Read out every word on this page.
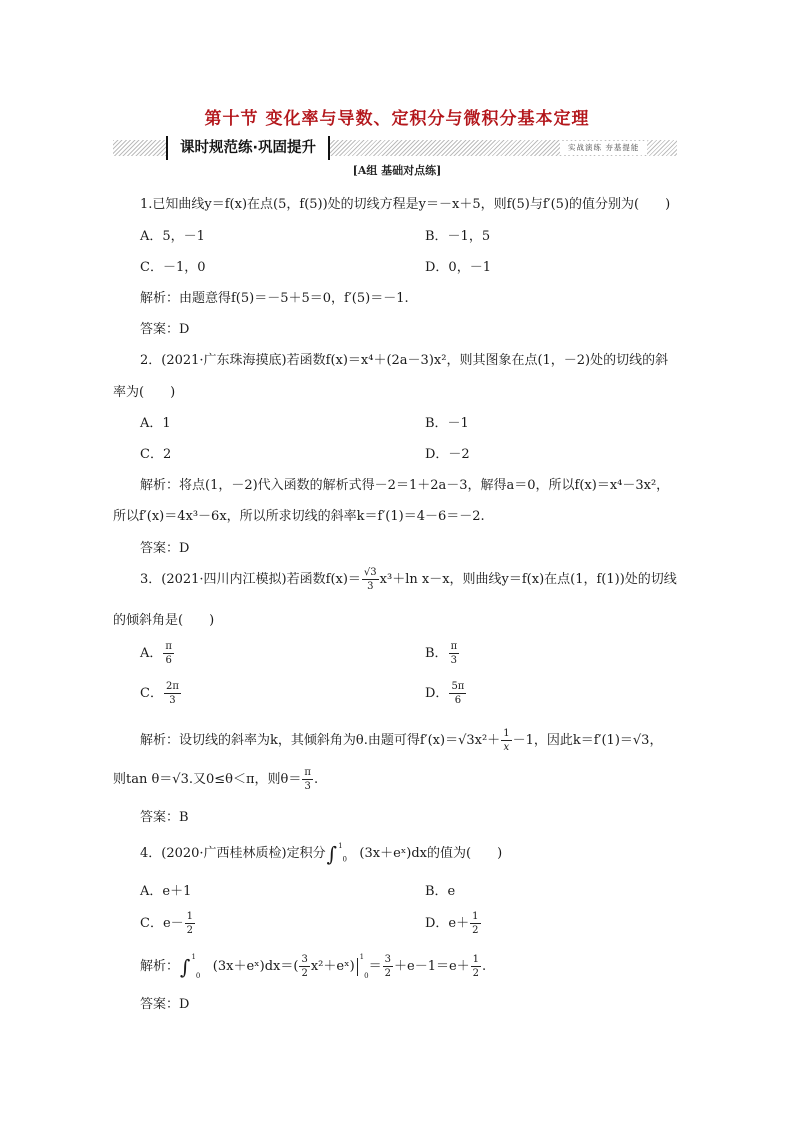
第十节 变化率与导数、定积分与微积分基本定理
课时规范练·巩固提升	实战演练 夯基提能
[A组 基础对点练]
1.已知曲线y＝f(x)在点(5，f(5))处的切线方程是y＝－x＋5，则f(5)与f′(5)的值分别为(　　)
A．5，－1	B．－1，5
C．－1，0	D．0，－1
解析：由题意得f(5)＝－5＋5＝0，f′(5)＝－1.
答案：D
2．(2021·广东珠海摸底)若函数f(x)＝x⁴＋(2a－3)x²，则其图象在点(1，－2)处的切线的斜
率为(　　)
A．1	B．－1
C．2	D．－2
解析：将点(1，－2)代入函数的解析式得－2＝1＋2a－3，解得a＝0，所以f(x)＝x⁴－3x²，
所以f′(x)＝4x³－6x，所以所求切线的斜率k＝f′(1)＝4－6＝－2.
答案：D
3．(2021·四川内江模拟)若函数$f(x)= \frac{√3}{3} x^3+\ln$ x－x，则曲线y＝f(x)在点(1，f(1))处的切线
的倾斜角是(　　)
A． $\frac{\pi}{6}$	B． $\frac{\pi}{3}$
C． $\frac{2\pi}{3}$	D． $\frac{5\pi}{6}$
解析：设切线的斜率为k，其倾斜角为θ.由题可得$f'(x)=√3x^2+ \frac{1}{x} -1$，因此k＝f′(1)＝√3，
则tan θ＝√3.又0≤θ＜π，则$\theta= \frac{\pi}{3}$ .
答案：B
4．(2020·广西桂林质检)定积分∫$^1$0 (3x＋eˣ)dx的值为(　　)
A．e＋1	B．e
C．$e- \frac{1}{2}$	D．$e+ \frac{1}{2}$
解析：∫$^1$0   (3x＋eˣ)dx＝( $\frac{3}{2}$ x²＋eˣ)$^1$0＝ $\frac{3}{2} +e-1=e+ \frac{1}{2}$ .
答案：D
